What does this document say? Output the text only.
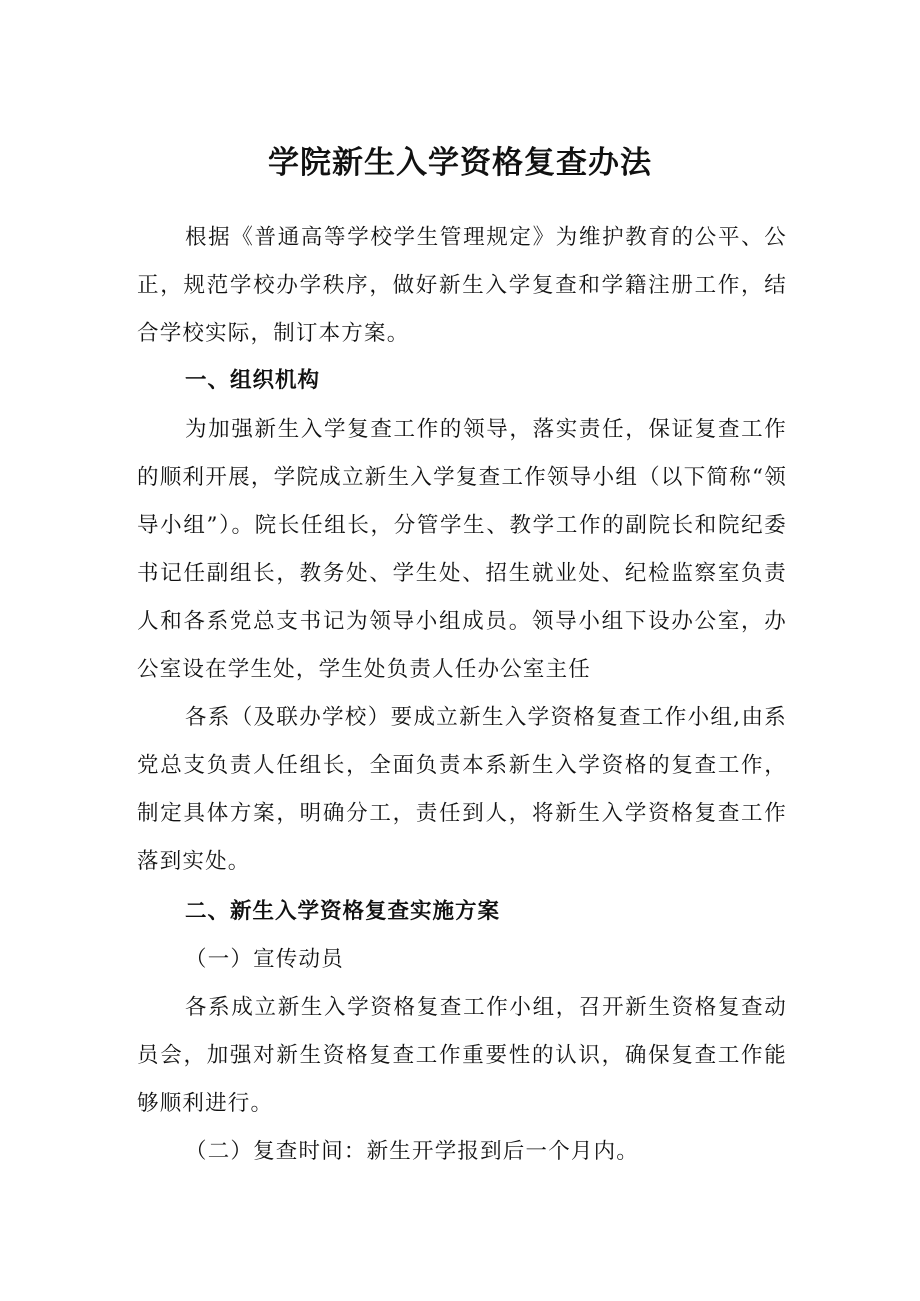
学院新生入学资格复查办法
根据《普通高等学校学生管理规定》为维护教育的公平、公正，规范学校办学秩序，做好新生入学复查和学籍注册工作，结合学校实际，制订本方案。
一、组织机构
为加强新生入学复查工作的领导，落实责任，保证复查工作的顺利开展，学院成立新生入学复查工作领导小组（以下简称“领导小组”）。院长任组长，分管学生、教学工作的副院长和院纪委书记任副组长，教务处、学生处、招生就业处、纪检监察室负责人和各系党总支书记为领导小组成员。领导小组下设办公室，办公室设在学生处，学生处负责人任办公室主任
各系（及联办学校）要成立新生入学资格复查工作小组,由系党总支负责人任组长，全面负责本系新生入学资格的复查工作，制定具体方案，明确分工，责任到人，将新生入学资格复查工作落到实处。
二、新生入学资格复查实施方案
（一）宣传动员
各系成立新生入学资格复查工作小组，召开新生资格复查动员会，加强对新生资格复查工作重要性的认识，确保复查工作能够顺利进行。
（二）复查时间：新生开学报到后一个月内。
